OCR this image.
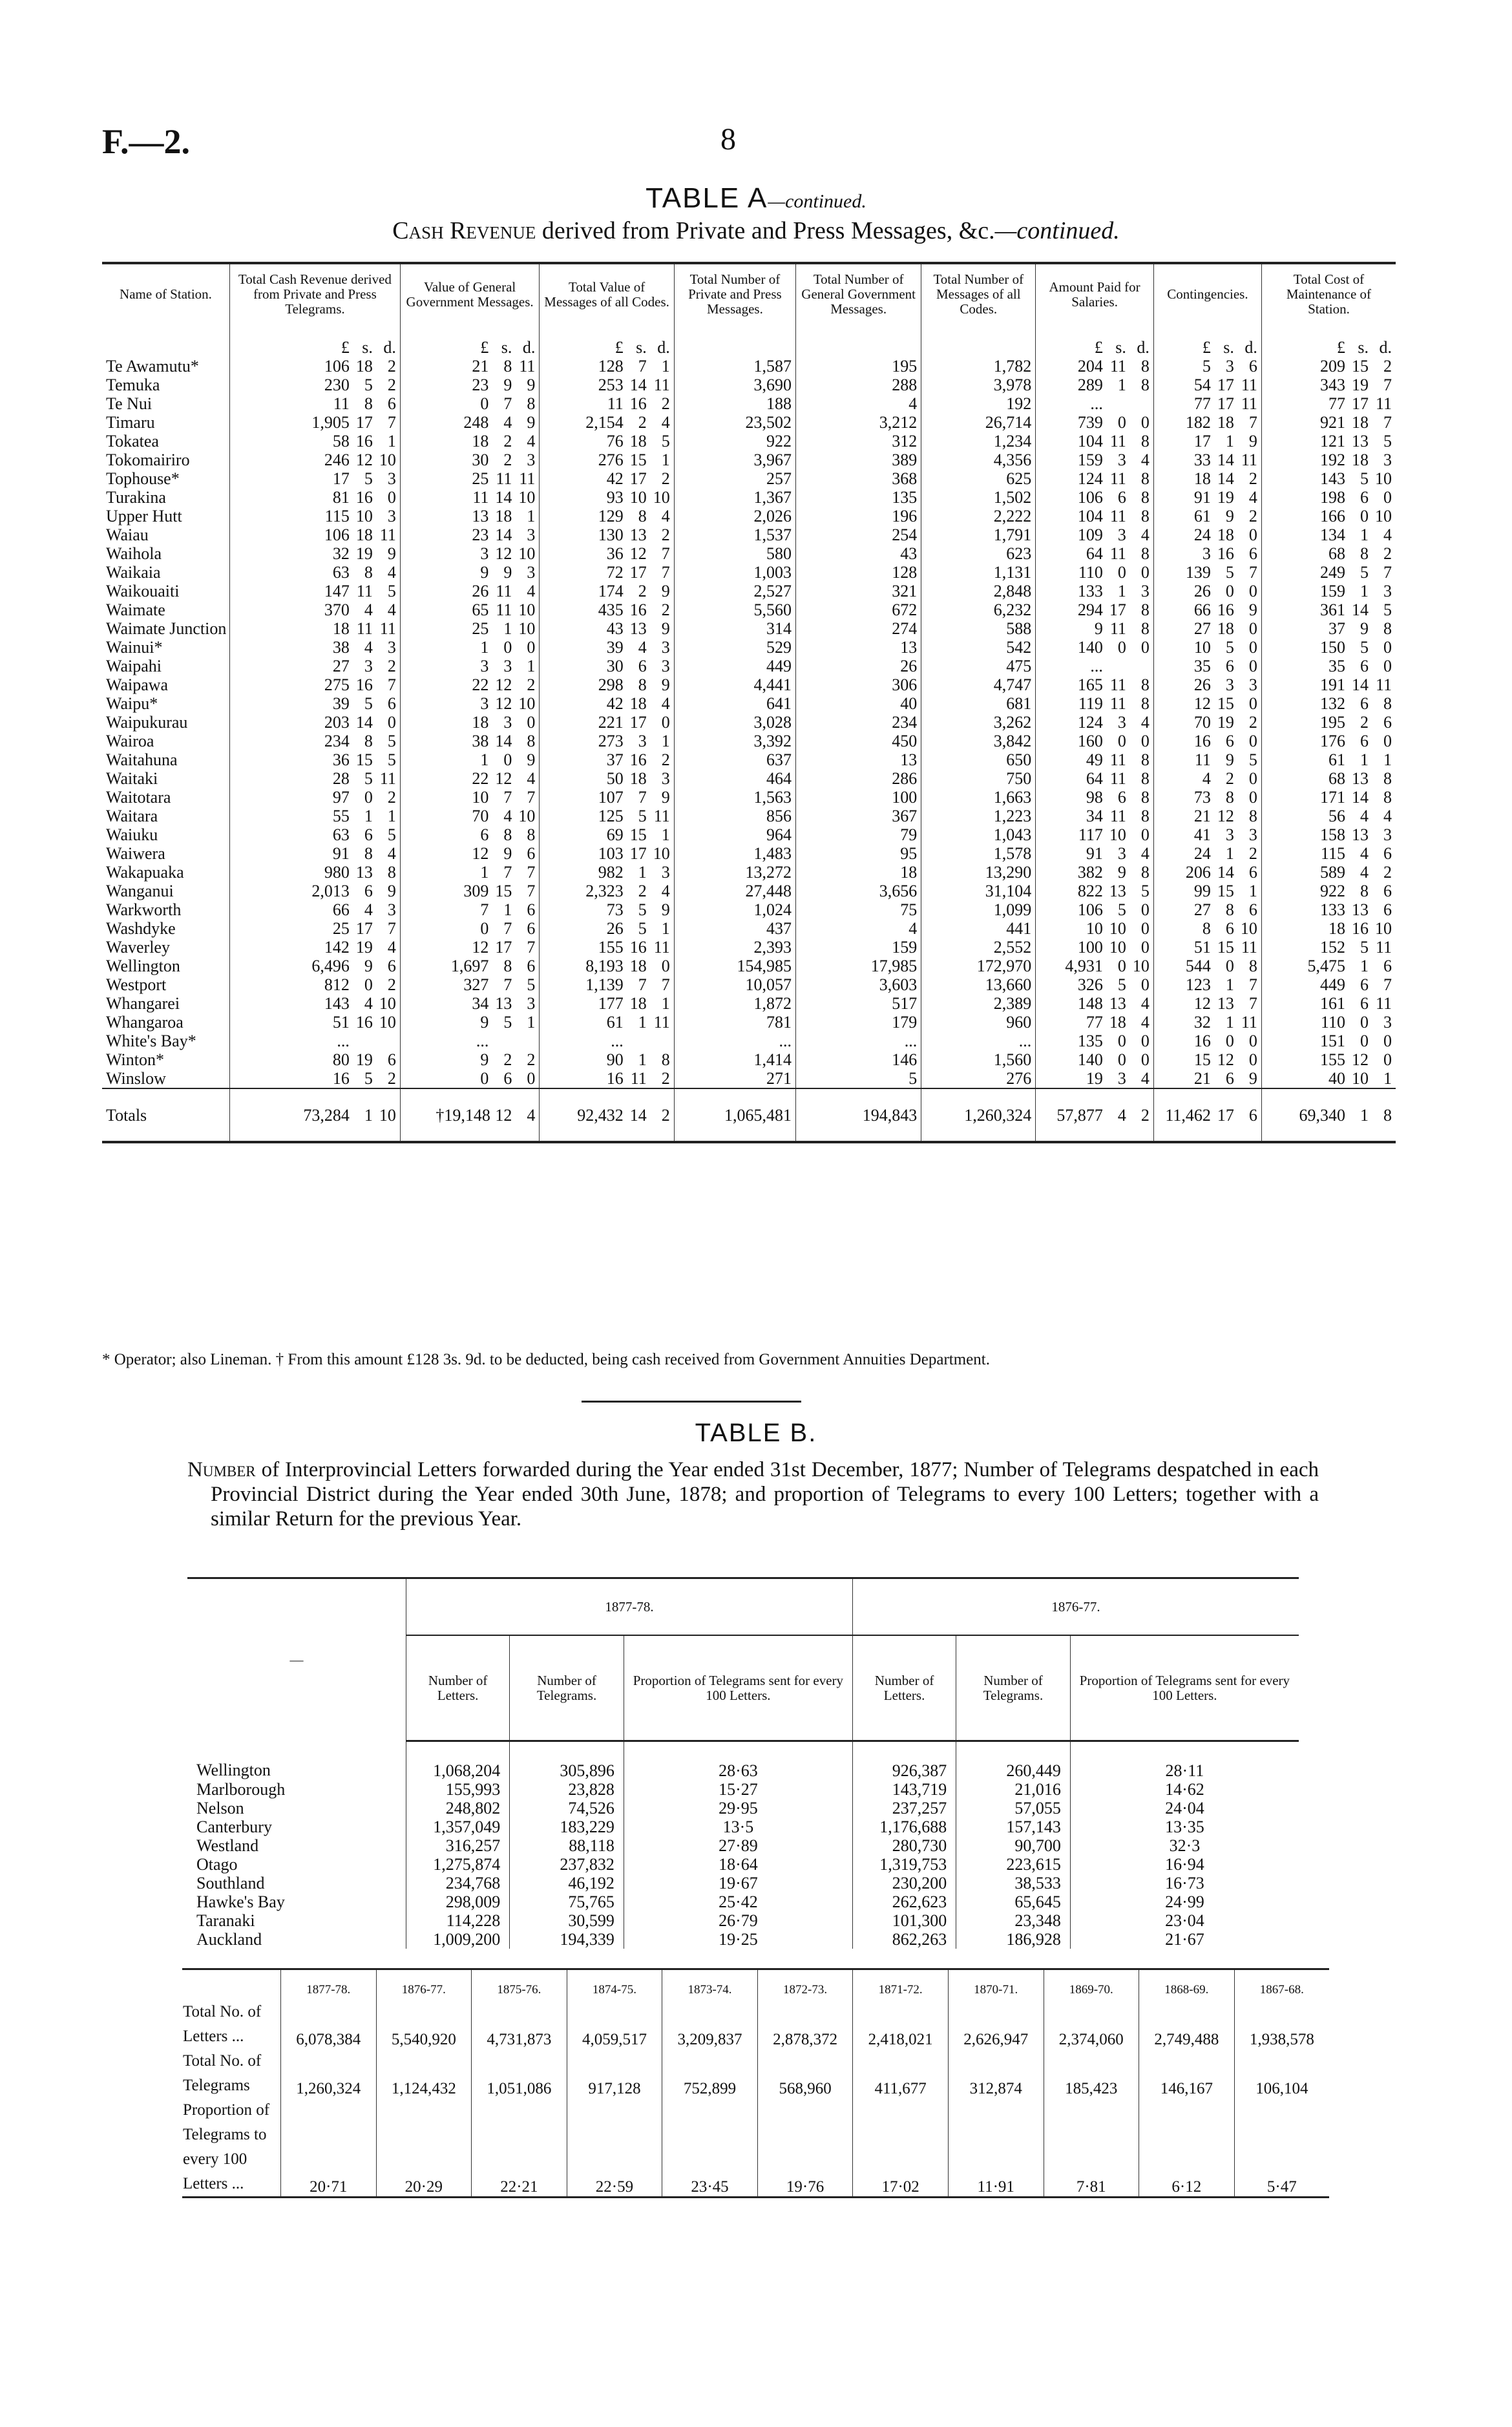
F.—2.	8
TABLE A—continued.
Cash Revenue derived from Private and Press Messages, &c.—continued.
Name of Station.	Total Cash Revenue derived from Private and Press Telegrams.	Value of General Government Messages.	Total Value of Messages of all Codes.	Total Number of Private and Press Messages.	Total Number of General Government Messages.	Total Number of Messages of all Codes.	Amount Paid for Salaries.	Contingencies.	Total Cost of Maintenance of Station.
	£ s. d.	£ s. d.	£ s. d.				£ s. d.	£ s. d.	£ s. d.
Te Awamutu*	106 18 2	21 8 11	128 7 1	1,587	195	1,782	204 11 8	5 3 6	209 15 2
Temuka	230 5 2	23 9 9	253 14 11	3,690	288	3,978	289 1 8	54 17 11	343 19 7
Te Nui	11 8 6	0 7 8	11 16 2	188	4	192	...	77 17 11	77 17 11
Timaru	1,905 17 7	248 4 9	2,154 2 4	23,502	3,212	26,714	739 0 0	182 18 7	921 18 7
Tokatea	58 16 1	18 2 4	76 18 5	922	312	1,234	104 11 8	17 1 9	121 13 5
Tokomairiro	246 12 10	30 2 3	276 15 1	3,967	389	4,356	159 3 4	33 14 11	192 18 3
Tophouse*	17 5 3	25 11 11	42 17 2	257	368	625	124 11 8	18 14 2	143 5 10
Turakina	81 16 0	11 14 10	93 10 10	1,367	135	1,502	106 6 8	91 19 4	198 6 0
Upper Hutt	115 10 3	13 18 1	129 8 4	2,026	196	2,222	104 11 8	61 9 2	166 0 10
Waiau	106 18 11	23 14 3	130 13 2	1,537	254	1,791	109 3 4	24 18 0	134 1 4
Waihola	32 19 9	3 12 10	36 12 7	580	43	623	64 11 8	3 16 6	68 8 2
Waikaia	63 8 4	9 9 3	72 17 7	1,003	128	1,131	110 0 0	139 5 7	249 5 7
Waikouaiti	147 11 5	26 11 4	174 2 9	2,527	321	2,848	133 1 3	26 0 0	159 1 3
Waimate	370 4 4	65 11 10	435 16 2	5,560	672	6,232	294 17 8	66 16 9	361 14 5
Waimate Junction	18 11 11	25 1 10	43 13 9	314	274	588	9 11 8	27 18 0	37 9 8
Wainui*	38 4 3	1 0 0	39 4 3	529	13	542	140 0 0	10 5 0	150 5 0
Waipahi	27 3 2	3 3 1	30 6 3	449	26	475	...	35 6 0	35 6 0
Waipawa	275 16 7	22 12 2	298 8 9	4,441	306	4,747	165 11 8	26 3 3	191 14 11
Waipu*	39 5 6	3 12 10	42 18 4	641	40	681	119 11 8	12 15 0	132 6 8
Waipukurau	203 14 0	18 3 0	221 17 0	3,028	234	3,262	124 3 4	70 19 2	195 2 6
Wairoa	234 8 5	38 14 8	273 3 1	3,392	450	3,842	160 0 0	16 6 0	176 6 0
Waitahuna	36 15 5	1 0 9	37 16 2	637	13	650	49 11 8	11 9 5	61 1 1
Waitaki	28 5 11	22 12 4	50 18 3	464	286	750	64 11 8	4 2 0	68 13 8
Waitotara	97 0 2	10 7 7	107 7 9	1,563	100	1,663	98 6 8	73 8 0	171 14 8
Waitara	55 1 1	70 4 10	125 5 11	856	367	1,223	34 11 8	21 12 8	56 4 4
Waiuku	63 6 5	6 8 8	69 15 1	964	79	1,043	117 10 0	41 3 3	158 13 3
Waiwera	91 8 4	12 9 6	103 17 10	1,483	95	1,578	91 3 4	24 1 2	115 4 6
Wakapuaka	980 13 8	1 7 7	982 1 3	13,272	18	13,290	382 9 8	206 14 6	589 4 2
Wanganui	2,013 6 9	309 15 7	2,323 2 4	27,448	3,656	31,104	822 13 5	99 15 1	922 8 6
Warkworth	66 4 3	7 1 6	73 5 9	1,024	75	1,099	106 5 0	27 8 6	133 13 6
Washdyke	25 17 7	0 7 6	26 5 1	437	4	441	10 10 0	8 6 10	18 16 10
Waverley	142 19 4	12 17 7	155 16 11	2,393	159	2,552	100 10 0	51 15 11	152 5 11
Wellington	6,496 9 6	1,697 8 6	8,193 18 0	154,985	17,985	172,970	4,931 0 10	544 0 8	5,475 1 6
Westport	812 0 2	327 7 5	1,139 7 7	10,057	3,603	13,660	326 5 0	123 1 7	449 6 7
Whangarei	143 4 10	34 13 3	177 18 1	1,872	517	2,389	148 13 4	12 13 7	161 6 11
Whangaroa	51 16 10	9 5 1	61 1 11	781	179	960	77 18 4	32 1 11	110 0 3
White's Bay*	...	...	...	...	...	...	135 0 0	16 0 0	151 0 0
Winton*	80 19 6	9 2 2	90 1 8	1,414	146	1,560	140 0 0	15 12 0	155 12 0
Winslow	16 5 2	0 6 0	16 11 2	271	5	276	19 3 4	21 6 9	40 10 1
Totals	73,284 1 10	†19,148 12 4	92,432 14 2	1,065,481	194,843	1,260,324	57,877 4 2	11,462 17 6	69,340 1 8
* Operator; also Lineman. † From this amount £128 3s. 9d. to be deducted, being cash received from Government Annuities Department.
TABLE B.
Number of Interprovincial Letters forwarded during the Year ended 31st December, 1877; Number of Telegrams despatched in each Provincial District during the Year ended 30th June, 1878; and proportion of Telegrams to every 100 Letters; together with a similar Return for the previous Year.
—	1877-78.			1876-77.		
	Number of Letters.	Number of Telegrams.	Proportion of Telegrams sent for every 100 Letters.	Number of Letters.	Number of Telegrams.	Proportion of Telegrams sent for every 100 Letters.
Wellington	1,068,204	305,896	28·63	926,387	260,449	28·11
Marlborough	155,993	23,828	15·27	143,719	21,016	14·62
Nelson	248,802	74,526	29·95	237,257	57,055	24·04
Canterbury	1,357,049	183,229	13·5	1,176,688	157,143	13·35
Westland	316,257	88,118	27·89	280,730	90,700	32·3
Otago	1,275,874	237,832	18·64	1,319,753	223,615	16·94
Southland	234,768	46,192	19·67	230,200	38,533	16·73
Hawke's Bay	298,009	75,765	25·42	262,623	65,645	24·99
Taranaki	114,228	30,599	26·79	101,300	23,348	23·04
Auckland	1,009,200	194,339	19·25	862,263	186,928	21·67
	1877-78.	1876-77.	1875-76.	1874-75.	1873-74.	1872-73.	1871-72.	1870-71.	1869-70.	1868-69.	1867-68.
Total No. of Letters ...	6,078,384	5,540,920	4,731,873	4,059,517	3,209,837	2,878,372	2,418,021	2,626,947	2,374,060	2,749,488	1,938,578
Total No. of Telegrams	1,260,324	1,124,432	1,051,086	917,128	752,899	568,960	411,677	312,874	185,423	146,167	106,104
Proportion of Telegrams to every 100 Letters ...	20·71	20·29	22·21	22·59	23·45	19·76	17·02	11·91	7·81	6·12	5·47
